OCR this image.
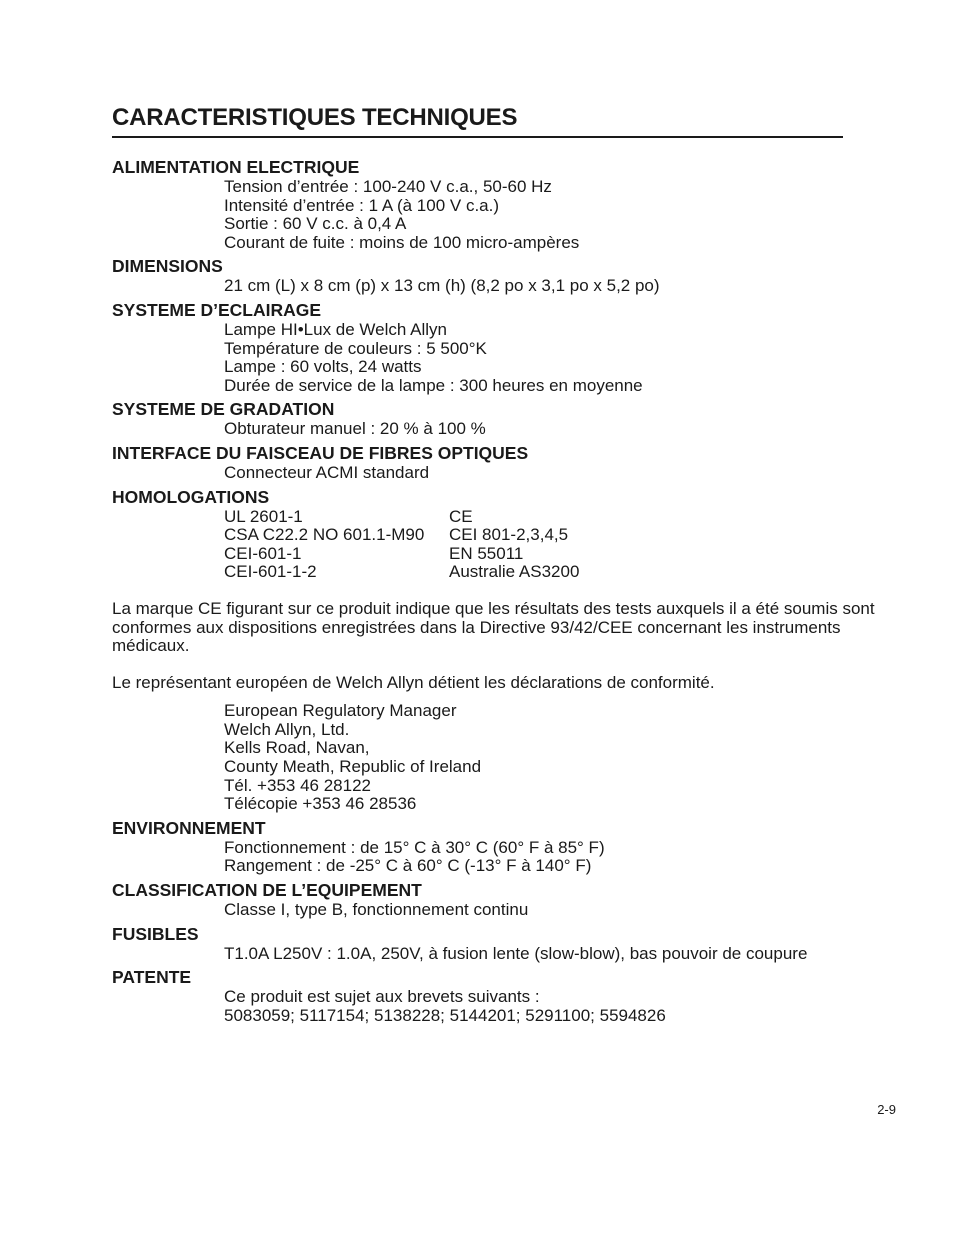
CARACTERISTIQUES TECHNIQUES
ALIMENTATION ELECTRIQUE
Tension d’entrée : 100-240 V c.a., 50-60 Hz
Intensité d’entrée : 1 A (à 100 V c.a.)
Sortie : 60 V c.c. à 0,4 A
Courant de fuite : moins de 100 micro-ampères
DIMENSIONS
21 cm (L) x 8 cm (p) x 13 cm (h) (8,2 po x 3,1 po x 5,2 po)
SYSTEME D’ECLAIRAGE
Lampe HI•Lux de Welch Allyn
Température de couleurs : 5 500°K
Lampe : 60 volts, 24 watts
Durée de service de la lampe : 300 heures en moyenne
SYSTEME DE GRADATION
Obturateur manuel : 20 % à 100 %
INTERFACE DU FAISCEAU DE FIBRES OPTIQUES
Connecteur ACMI standard
HOMOLOGATIONS
UL 2601-1	CE
CSA C22.2 NO 601.1-M90	CEI 801-2,3,4,5
CEI-601-1	EN 55011
CEI-601-1-2	Australie AS3200
La marque CE figurant sur ce produit indique que les résultats des tests auxquels il a été soumis sont conformes aux dispositions enregistrées dans la Directive 93/42/CEE concernant les instruments médicaux.
Le représentant européen de Welch Allyn détient les déclarations de conformité.
European Regulatory Manager
Welch Allyn, Ltd.
Kells Road, Navan,
County Meath, Republic of Ireland
Tél. +353 46 28122
Télécopie +353 46 28536
ENVIRONNEMENT
Fonctionnement : de 15° C à 30° C (60° F à 85° F)
Rangement : de -25° C à 60° C (-13° F à 140° F)
CLASSIFICATION DE L’EQUIPEMENT
Classe I, type B, fonctionnement continu
FUSIBLES
T1.0A L250V : 1.0A, 250V, à fusion lente (slow-blow), bas pouvoir de coupure
PATENTE
Ce produit est sujet aux brevets suivants :
5083059; 5117154; 5138228; 5144201; 5291100; 5594826
2-9
